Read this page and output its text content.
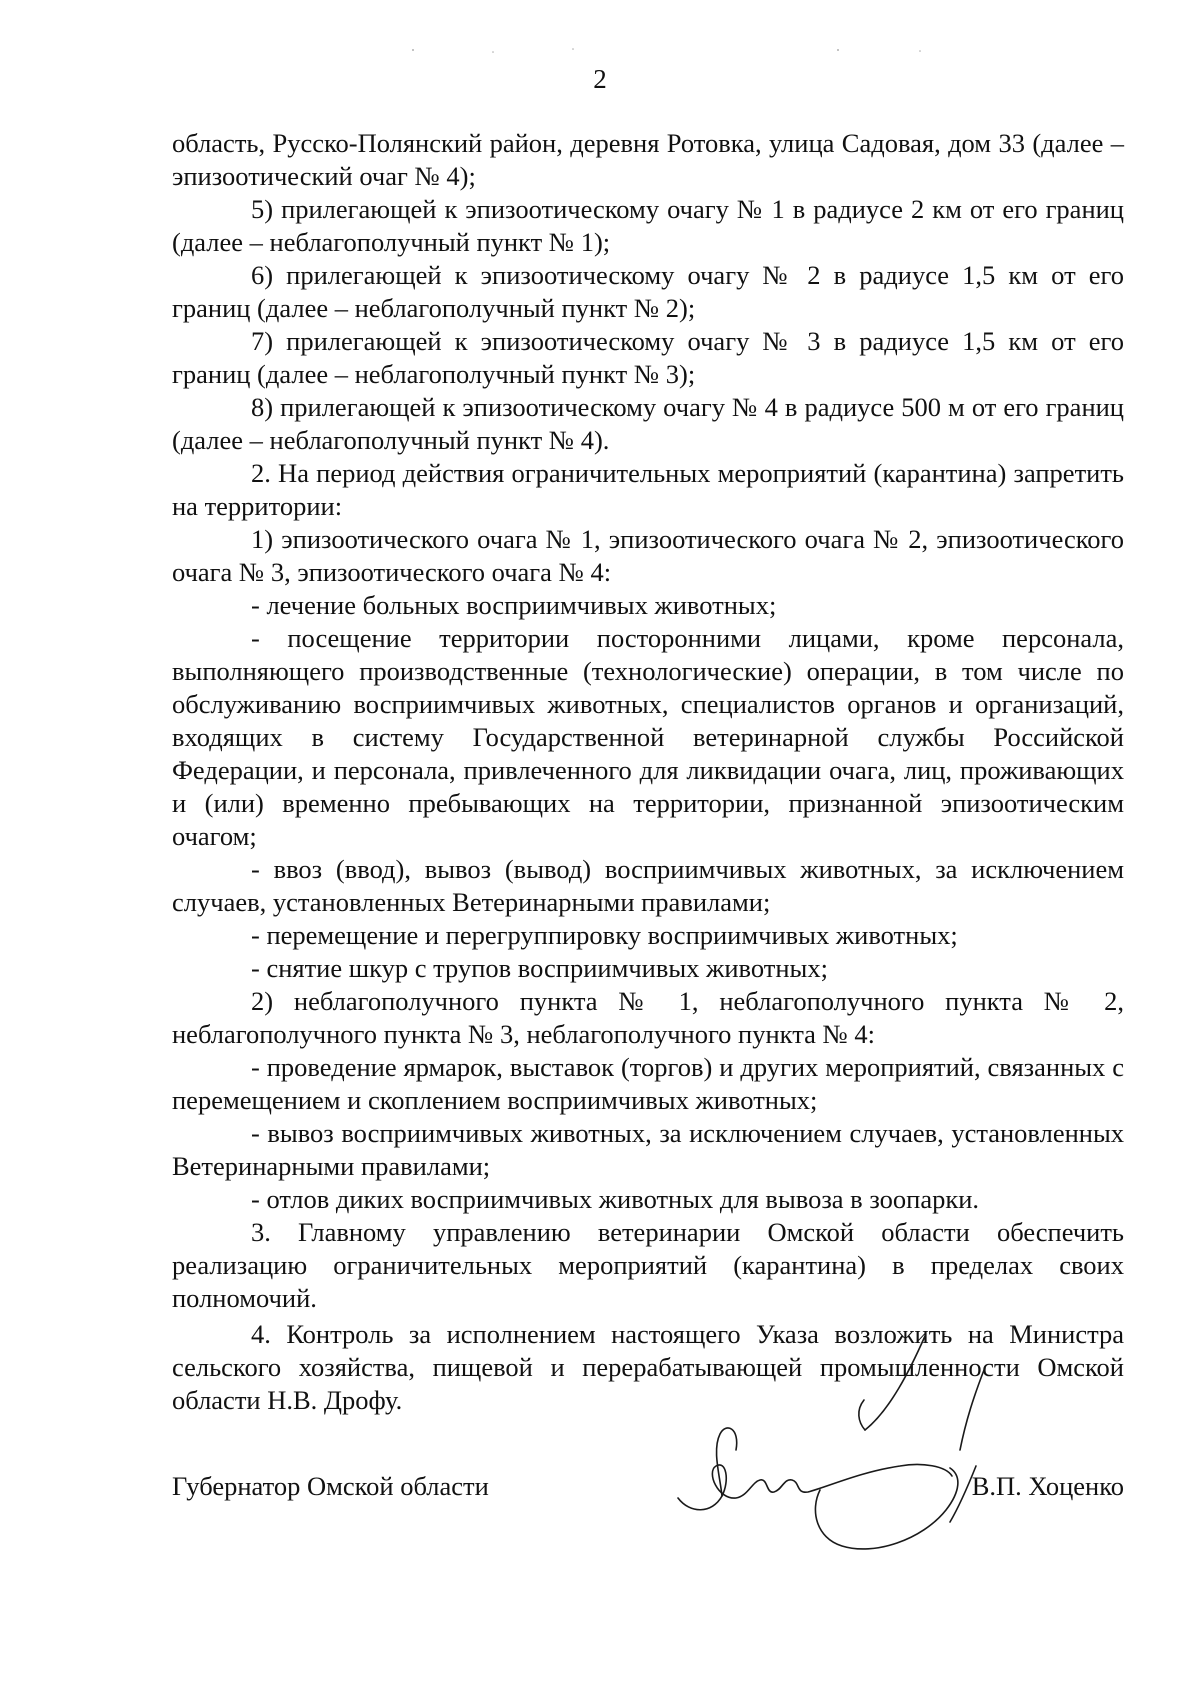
2

область, Русско-Полянский район, деревня Ротовка, улица Садовая, дом 33 (далее – эпизоотический очаг № 4);

5) прилегающей к эпизоотическому очагу № 1 в радиусе 2 км от его границ (далее – неблагополучный пункт № 1);

6) прилегающей к эпизоотическому очагу № 2 в радиусе 1,5 км от его границ (далее – неблагополучный пункт № 2);

7) прилегающей к эпизоотическому очагу № 3 в радиусе 1,5 км от его границ (далее – неблагополучный пункт № 3);

8) прилегающей к эпизоотическому очагу № 4 в радиусе 500 м от его границ (далее – неблагополучный пункт № 4).

2. На период действия ограничительных мероприятий (карантина) запретить на территории:

1) эпизоотического очага № 1, эпизоотического очага № 2, эпизоотического очага № 3, эпизоотического очага № 4:

- лечение больных восприимчивых животных;

- посещение территории посторонними лицами, кроме персонала, выполняющего производственные (технологические) операции, в том числе по обслуживанию восприимчивых животных, специалистов органов и организаций, входящих в систему Государственной ветеринарной службы Российской Федерации, и персонала, привлеченного для ликвидации очага, лиц, проживающих и (или) временно пребывающих на территории, признанной эпизоотическим очагом;

- ввоз (ввод), вывоз (вывод) восприимчивых животных, за исключением случаев, установленных Ветеринарными правилами;

- перемещение и перегруппировку восприимчивых животных;

- снятие шкур с трупов восприимчивых животных;

2) неблагополучного пункта № 1, неблагополучного пункта № 2, неблагополучного пункта № 3, неблагополучного пункта № 4:

- проведение ярмарок, выставок (торгов) и других мероприятий, связанных с перемещением и скоплением восприимчивых животных;

- вывоз восприимчивых животных, за исключением случаев, установленных Ветеринарными правилами;

- отлов диких восприимчивых животных для вывоза в зоопарки.

3. Главному управлению ветеринарии Омской области обеспечить реализацию ограничительных мероприятий (карантина) в пределах своих полномочий.

4. Контроль за исполнением настоящего Указа возложить на Министра сельского хозяйства, пищевой и перерабатывающей промышленности Омской области Н.В. Дрофу.

Губернатор Омской области	В.П. Хоценко
